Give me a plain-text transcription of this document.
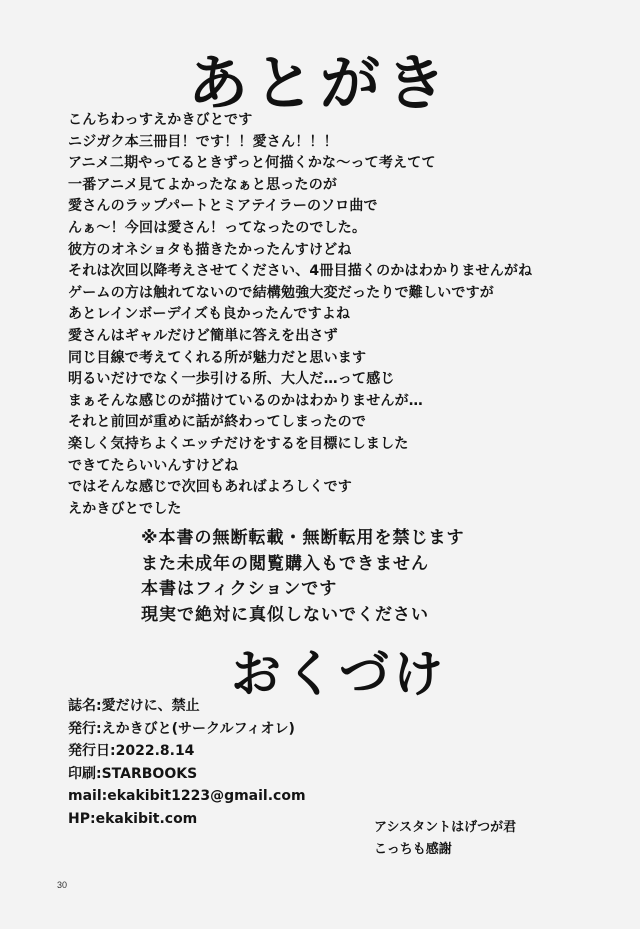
あとがき
こんちわっすえかきびとです
ニジガク本三冊目！です！！愛さん！！！
アニメ二期やってるときずっと何描くかな～って考えてて
一番アニメ見てよかったなぁと思ったのが
愛さんのラップパートとミアテイラーのソロ曲で
んぁ～！今回は愛さん！ってなったのでした。
彼方のオネショタも描きたかったんすけどね
それは次回以降考えさせてください、4冊目描くのかはわかりませんがね
ゲームの方は触れてないので結構勉強大変だったりで難しいですが
あとレインボーデイズも良かったんですよね
愛さんはギャルだけど簡単に答えを出さず
同じ目線で考えてくれる所が魅力だと思います
明るいだけでなく一歩引ける所、大人だ…って感じ
まぁそんな感じのが描けているのかはわかりませんが…
それと前回が重めに話が終わってしまったので
楽しく気持ちよくエッチだけをするを目標にしました
できてたらいいんすけどね
ではそんな感じで次回もあればよろしくです
えかきびとでした
※本書の無断転載・無断転用を禁じます
また未成年の閲覧購入もできません
本書はフィクションです
現実で絶対に真似しないでください
おくづけ
誌名:愛だけに、禁止
発行:えかきびと(サークルフィオレ)
発行日:2022.8.14
印刷:STARBOOKS
mail:ekakibit1223@gmail.com
HP:ekakibit.com
アシスタントはげつが君
こっちも感謝
30
